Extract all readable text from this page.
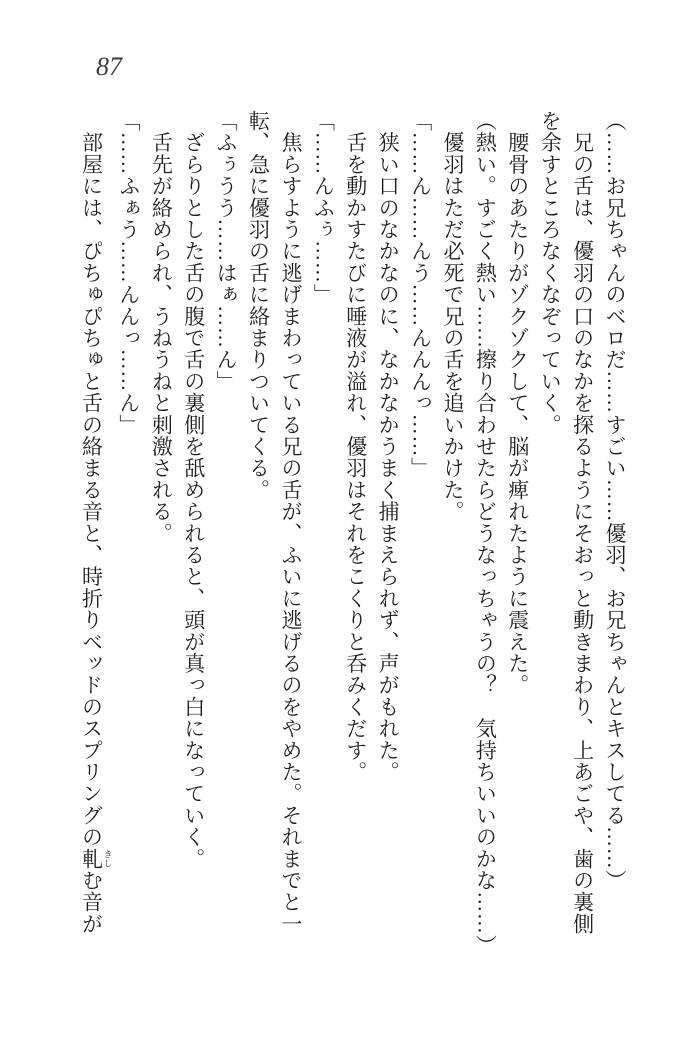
87

（……お兄ちゃんのベロだ……すごい……優羽、お兄ちゃんとキスしてる……）

　兄の舌は、優羽の口のなかを探るようにそおっと動きまわり、上あごや、歯の裏側

を余すところなくなぞっていく。

　腰骨のあたりがゾクゾクして、脳が痺れたように震えた。

（熱い。すごく熱い……擦り合わせたらどうなっちゃうの？　気持ちいいのかな……）

　優羽はただ必死で兄の舌を追いかけた。

「……ん……んう……んんんっ……」

　狭い口のなかなのに、なかなかうまく捕まえられず、声がもれた。

　舌を動かすたびに唾液が溢れ、優羽はそれをこくりと呑みくだす。

「……んふぅ……」

　焦らすように逃げまわっている兄の舌が、ふいに逃げるのをやめた。それまでと一

転、急に優羽の舌に絡まりついてくる。

「ふぅうう……はぁ……ん」

　ざらりとした舌の腹で舌の裏側を舐められると、頭が真っ白になっていく。

　舌先が絡められ、うねうねと刺激される。

「……ふぁう……んんっ……ん」

　部屋には、ぴちゅぴちゅと舌の絡まる音と、時折りベッドのスプリングの軋 きしむ音が
